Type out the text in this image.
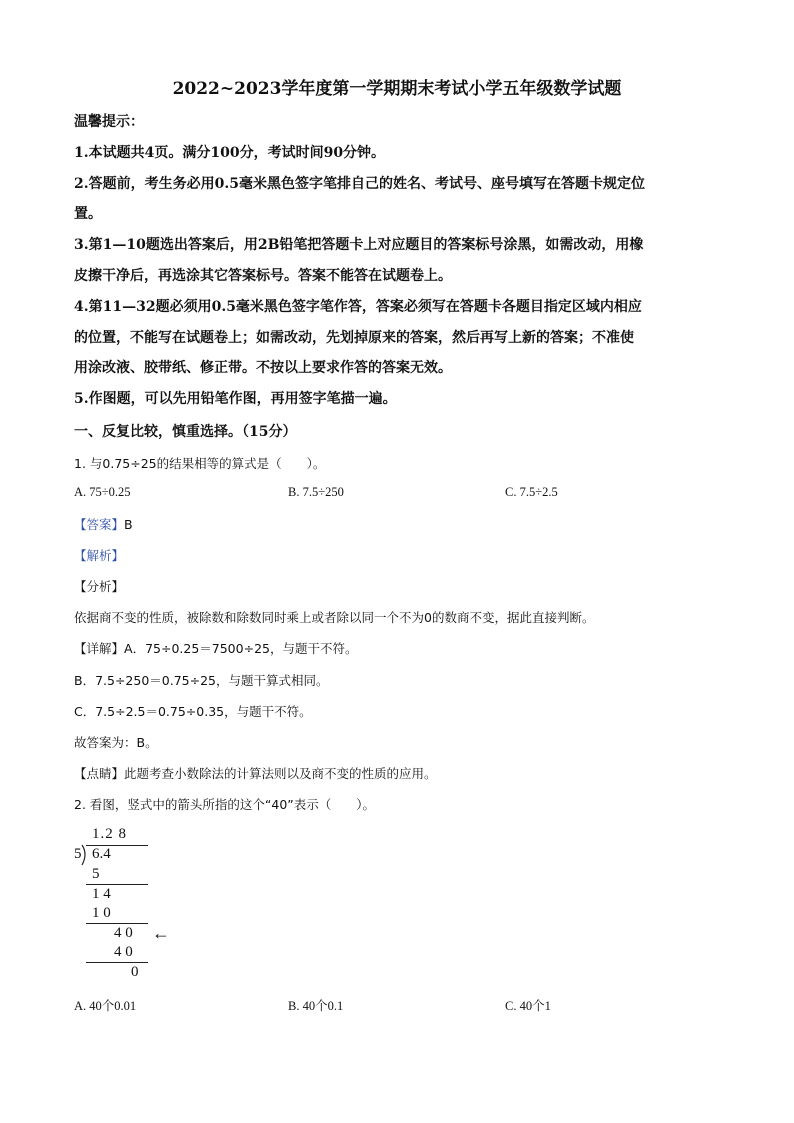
2022~2023学年度第一学期期末考试小学五年级数学试题
温馨提示：
1.本试题共4页。满分100分，考试时间90分钟。
2.答题前，考生务必用0.5毫米黑色签字笔排自己的姓名、考试号、座号填写在答题卡规定位
置。
3.第1—10题选出答案后，用2B铅笔把答题卡上对应题目的答案标号涂黑，如需改动，用橡
皮擦干净后，再选涂其它答案标号。答案不能答在试题卷上。
4.第11—32题必须用0.5毫米黑色签字笔作答，答案必须写在答题卡各题目指定区域内相应
的位置，不能写在试题卷上；如需改动，先划掉原来的答案，然后再写上新的答案；不准使
用涂改液、胶带纸、修正带。不按以上要求作答的答案无效。
5.作图题，可以先用铅笔作图，再用签字笔描一遍。
一、反复比较，慎重选择。（15分）
1. 与0.75÷25的结果相等的算式是（　　）。
A. 75÷0.25	B. 7.5÷250	C. 7.5÷2.5
【答案】B
【解析】
【分析】
依据商不变的性质，被除数和除数同时乘上或者除以同一个不为0的数商不变，据此直接判断。
【详解】A．75÷0.25＝7500÷25，与题干不符。
B．7.5÷250＝0.75÷25，与题干算式相同。
C．7.5÷2.5＝0.75÷0.35，与题干不符。
故答案为：B。
【点睛】此题考查小数除法的计算法则以及商不变的性质的应用。
2. 看图，竖式中的箭头所指的这个“40”表示（　　）。
1.2 8
5 6.4
5
1 4
1 0
4 0 ←
4 0
0
A. 40个0.01	B. 40个0.1	C. 40个1
